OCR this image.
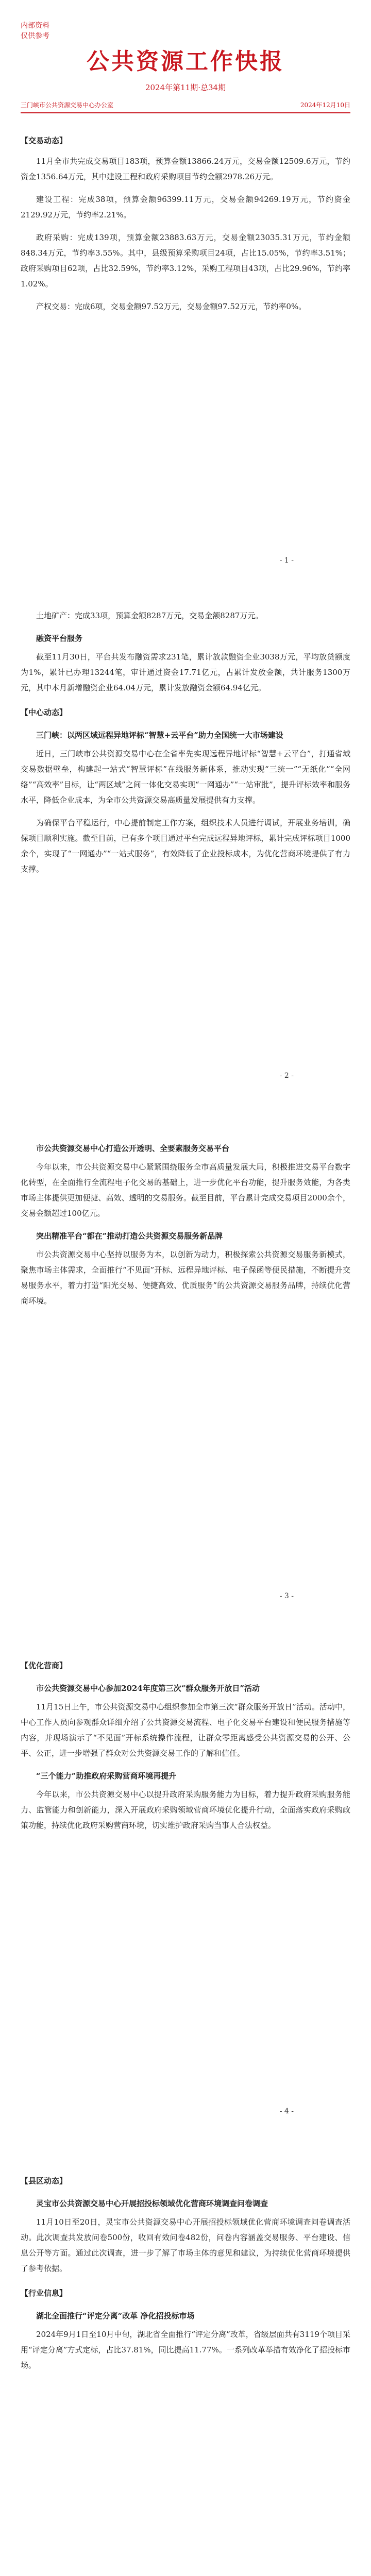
内部资料
仅供参考
公共资源工作快报
2024年第11期·总34期
三门峡市公共资源交易中心办公室	2024年12月10日
【交易动态】

11月全市共完成交易项目183项，预算金额13866.24万元，交易金额12509.6万元，节约资金1356.64万元，其中建设工程和政府采购项目节约金额2978.26万元。

建设工程：完成38项，预算金额96399.11万元，交易金额94269.19万元，节约资金2129.92万元，节约率2.21%。

政府采购：完成139项，预算金额23883.63万元，交易金额23035.31万元，节约金额848.34万元，节约率3.55%。其中，县级预算采购项目24项，占比15.05%，节约率3.51%；政府采购项目62项，占比32.59%，节约率3.12%，采购工程项目43项，占比29.96%，节约率1.02%。

产权交易：完成6项，交易金额97.52万元，交易金额97.52万元，节约率0%。

- 1 -

土地矿产：完成33项，预算金额8287万元，交易金额8287万元。

融资平台服务

截至11月30日，平台共发布融资需求231笔，累计放款融资企业3038万元，平均放贷额度为1%，累计已办理13244笔，审计通过资金17.71亿元，占累计发放金额，共计服务1300万元，其中本月新增融资企业64.04万元，累计发放融资金额64.94亿元。

【中心动态】
三门峡：以两区域远程异地评标“智慧+云平台”助力全国统一大市场建设

近日，三门峡市公共资源交易中心在全省率先实现远程异地评标“智慧+云平台”，打通省域交易数据壁垒，构建起一站式“智慧评标”在线服务新体系，推动实现“三统一”“无纸化”“全网络”“高效率”目标，让“两区域”之间一体化交易实现“一网通办”“一站审批”，提升评标效率和服务水平，降低企业成本，为全市公共资源交易高质量发展提供有力支撑。

为确保平台平稳运行，中心提前制定工作方案，组织技术人员进行调试，开展业务培训，确保项目顺利实施。截至目前，已有多个项目通过平台完成远程异地评标，累计完成评标项目1000余个，实现了“一网通办”“一站式服务”，有效降低了企业投标成本，为优化营商环境提供了有力支撑。

- 2 -
市公共资源交易中心打造公开透明、全要素服务交易平台

今年以来，市公共资源交易中心紧紧围绕服务全市高质量发展大局，积极推进交易平台数字化转型，在全面推行全流程电子化交易的基础上，进一步优化平台功能，提升服务效能，为各类市场主体提供更加便捷、高效、透明的交易服务。截至目前，平台累计完成交易项目2000余个，交易金额超过100亿元。

突出精准平台“都在”推动打造公共资源交易服务新品牌

市公共资源交易中心坚持以服务为本，以创新为动力，积极探索公共资源交易服务新模式，聚焦市场主体需求，全面推行“不见面”开标、远程异地评标、电子保函等便民措施，不断提升交易服务水平，着力打造“阳光交易、便捷高效、优质服务”的公共资源交易服务品牌，持续优化营商环境。

- 3 -
【优化营商】
市公共资源交易中心参加2024年度第三次“群众服务开放日”活动

11月15日上午，市公共资源交易中心组织参加全市第三次“群众服务开放日”活动。活动中，中心工作人员向参观群众详细介绍了公共资源交易流程、电子化交易平台建设和便民服务措施等内容，并现场演示了“不见面”开标系统操作流程，让群众零距离感受公共资源交易的公开、公平、公正，进一步增强了群众对公共资源交易工作的了解和信任。

“三个能力”助推政府采购营商环境再提升

今年以来，市公共资源交易中心以提升政府采购服务能力为目标，着力提升政府采购服务能力、监管能力和创新能力，深入开展政府采购领域营商环境优化提升行动，全面落实政府采购政策功能，持续优化政府采购营商环境，切实维护政府采购当事人合法权益。

- 4 -
【县区动态】
灵宝市公共资源交易中心开展招投标领域优化营商环境调查问卷调查

11月10日至20日，灵宝市公共资源交易中心开展招投标领域优化营商环境调查问卷调查活动。此次调查共发放问卷500份，收回有效问卷482份，问卷内容涵盖交易服务、平台建设、信息公开等方面。通过此次调查，进一步了解了市场主体的意见和建议，为持续优化营商环境提供了参考依据。

【行业信息】
湖北全面推行“评定分离”改革 净化招投标市场

2024年9月1日至10月中旬，湖北省全面推行“评定分离”改革，省级层面共有3119个项目采用“评定分离”方式定标，占比37.81%，同比提高11.77%。一系列改革举措有效净化了招投标市场。
